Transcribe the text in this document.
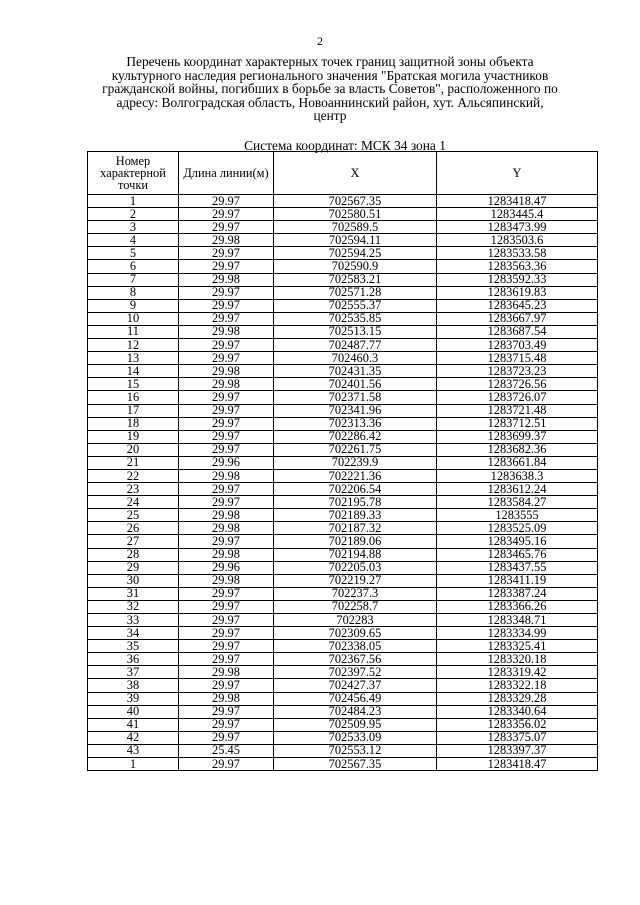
2
Перечень координат характерных точек границ защитной зоны объекта
культурного наследия регионального значения "Братская могила участников
гражданской войны, погибших в борьбе за власть Советов", расположенного по
адресу: Волгоградская область, Новоаннинский район, хут. Альсяпинский,
центр
Система координат: МСК 34 зона 1
Номер характерной точки	Длина линии(м)	X	Y
1	29.97	702567.35	1283418.47
2	29.97	702580.51	1283445.4
3	29.97	702589.5	1283473.99
4	29.98	702594.11	1283503.6
5	29.97	702594.25	1283533.58
6	29.97	702590.9	1283563.36
7	29.98	702583.21	1283592.33
8	29.97	702571.28	1283619.83
9	29.97	702555.37	1283645.23
10	29.97	702535.85	1283667.97
11	29.98	702513.15	1283687.54
12	29.97	702487.77	1283703.49
13	29.97	702460.3	1283715.48
14	29.98	702431.35	1283723.23
15	29.98	702401.56	1283726.56
16	29.97	702371.58	1283726.07
17	29.97	702341.96	1283721.48
18	29.97	702313.36	1283712.51
19	29.97	702286.42	1283699.37
20	29.97	702261.75	1283682.36
21	29.96	702239.9	1283661.84
22	29.98	702221.36	1283638.3
23	29.97	702206.54	1283612.24
24	29.97	702195.78	1283584.27
25	29.98	702189.33	1283555
26	29.98	702187.32	1283525.09
27	29.97	702189.06	1283495.16
28	29.98	702194.88	1283465.76
29	29.96	702205.03	1283437.55
30	29.98	702219.27	1283411.19
31	29.97	702237.3	1283387.24
32	29.97	702258.7	1283366.26
33	29.97	702283	1283348.71
34	29.97	702309.65	1283334.99
35	29.97	702338.05	1283325.41
36	29.97	702367.56	1283320.18
37	29.98	702397.52	1283319.42
38	29.97	702427.37	1283322.18
39	29.98	702456.49	1283329.28
40	29.97	702484.23	1283340.64
41	29.97	702509.95	1283356.02
42	29.97	702533.09	1283375.07
43	25.45	702553.12	1283397.37
1	29.97	702567.35	1283418.47
